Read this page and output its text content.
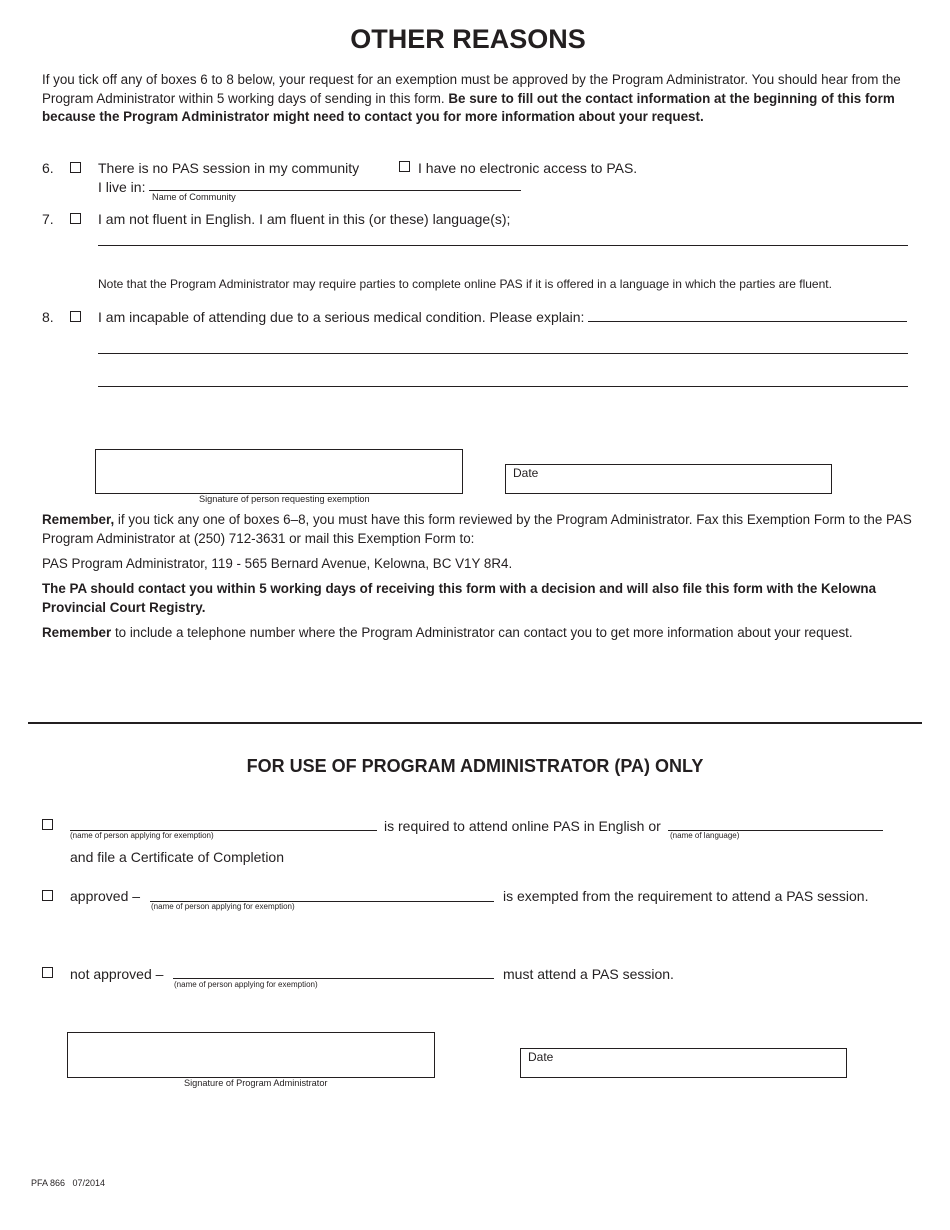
OTHER REASONS
If you tick off any of boxes 6 to 8 below, your request for an exemption must be approved by the Program Administrator. You should hear from the Program Administrator within 5 working days of sending in this form. Be sure to fill out the contact information at the beginning of this form because the Program Administrator might need to contact you for more information about your request.
6.	There is no PAS session in my community	I have no electronic access to PAS.
I live in:
Name of Community
7.	I am not fluent in English. I am fluent in this (or these) language(s);
Note that the Program Administrator may require parties to complete online PAS if it is offered in a language in which the parties are fluent.
8.	I am incapable of attending due to a serious medical condition. Please explain:
Signature of person requesting exemption
Date
Remember, if you tick any one of boxes 6–8, you must have this form reviewed by the Program Administrator. Fax this Exemption Form to the PAS Program Administrator at (250) 712-3631 or mail this Exemption Form to:
PAS Program Administrator, 119 - 565 Bernard Avenue, Kelowna, BC V1Y 8R4.
The PA should contact you within 5 working days of receiving this form with a decision and will also file this form with the Kelowna Provincial Court Registry.
Remember to include a telephone number where the Program Administrator can contact you to get more information about your request.
FOR USE OF PROGRAM ADMINISTRATOR (PA) ONLY
(name of person applying for exemption)
is required to attend online PAS in English or
(name of language)
and file a Certificate of Completion
approved –
(name of person applying for exemption)
is exempted from the requirement to attend a PAS session.
not approved –
(name of person applying for exemption)
must attend a PAS session.
Signature of Program Administrator
Date
PFA 866   07/2014
